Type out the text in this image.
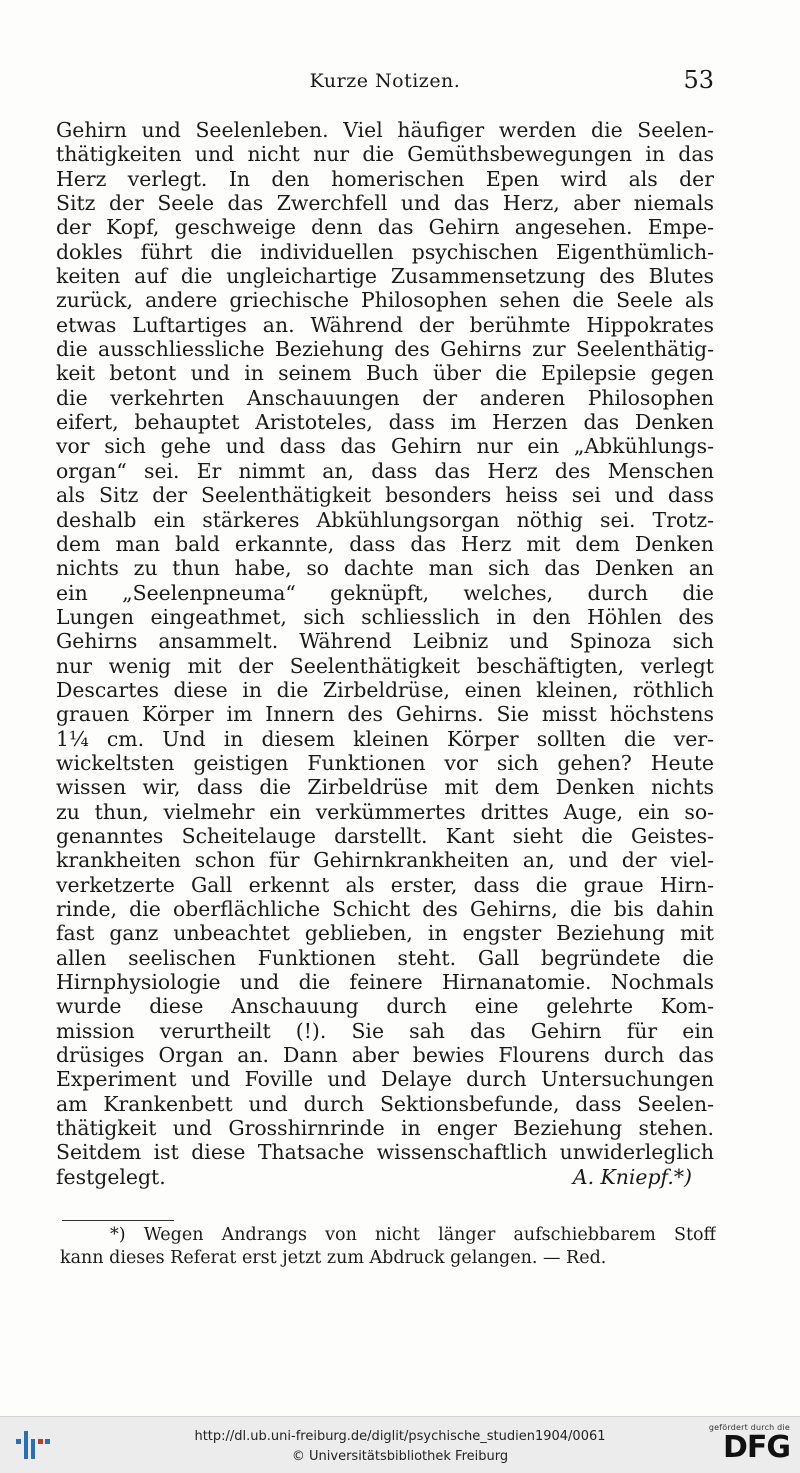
Kurze Notizen.	53
Gehirn und Seelenleben. Viel häufiger werden die Seelen-
thätigkeiten und nicht nur die Gemüthsbewegungen in das
Herz verlegt. In den homerischen Epen wird als der
Sitz der Seele das Zwerchfell und das Herz, aber niemals
der Kopf, geschweige denn das Gehirn angesehen. Empe-
dokles führt die individuellen psychischen Eigenthümlich-
keiten auf die ungleichartige Zusammensetzung des Blutes
zurück, andere griechische Philosophen sehen die Seele als
etwas Luftartiges an. Während der berühmte Hippokrates
die ausschliessliche Beziehung des Gehirns zur Seelenthätig-
keit betont und in seinem Buch über die Epilepsie gegen
die verkehrten Anschauungen der anderen Philosophen
eifert, behauptet Aristoteles, dass im Herzen das Denken
vor sich gehe und dass das Gehirn nur ein „Abkühlungs-
organ“ sei. Er nimmt an, dass das Herz des Menschen
als Sitz der Seelenthätigkeit besonders heiss sei und dass
deshalb ein stärkeres Abkühlungsorgan nöthig sei. Trotz-
dem man bald erkannte, dass das Herz mit dem Denken
nichts zu thun habe, so dachte man sich das Denken an
ein „Seelenpneuma“ geknüpft, welches, durch die
Lungen eingeathmet, sich schliesslich in den Höhlen des
Gehirns ansammelt. Während Leibniz und Spinoza sich
nur wenig mit der Seelenthätigkeit beschäftigten, verlegt
Descartes diese in die Zirbeldrüse, einen kleinen, röthlich
grauen Körper im Innern des Gehirns. Sie misst höchstens
1¼ cm. Und in diesem kleinen Körper sollten die ver-
wickeltsten geistigen Funktionen vor sich gehen? Heute
wissen wir, dass die Zirbeldrüse mit dem Denken nichts
zu thun, vielmehr ein verkümmertes drittes Auge, ein so-
genanntes Scheitelauge darstellt. Kant sieht die Geistes-
krankheiten schon für Gehirnkrankheiten an, und der viel-
verketzerte Gall erkennt als erster, dass die graue Hirn-
rinde, die oberflächliche Schicht des Gehirns, die bis dahin
fast ganz unbeachtet geblieben, in engster Beziehung mit
allen seelischen Funktionen steht. Gall begründete die
Hirnphysiologie und die feinere Hirnanatomie. Nochmals
wurde diese Anschauung durch eine gelehrte Kom-
mission verurtheilt (!). Sie sah das Gehirn für ein
drüsiges Organ an. Dann aber bewies Flourens durch das
Experiment und Foville und Delaye durch Untersuchungen
am Krankenbett und durch Sektionsbefunde, dass Seelen-
thätigkeit und Grosshirnrinde in enger Beziehung stehen.
Seitdem ist diese Thatsache wissenschaftlich unwiderleglich
festgelegt.	A. Kniepf.*)
*) Wegen Andrangs von nicht länger aufschiebbarem Stoff
kann dieses Referat erst jetzt zum Abdruck gelangen. — Red.
http://dl.ub.uni-freiburg.de/diglit/psychische_studien1904/0061
© Universitätsbibliothek Freiburg
gefördert durch die
DFG
